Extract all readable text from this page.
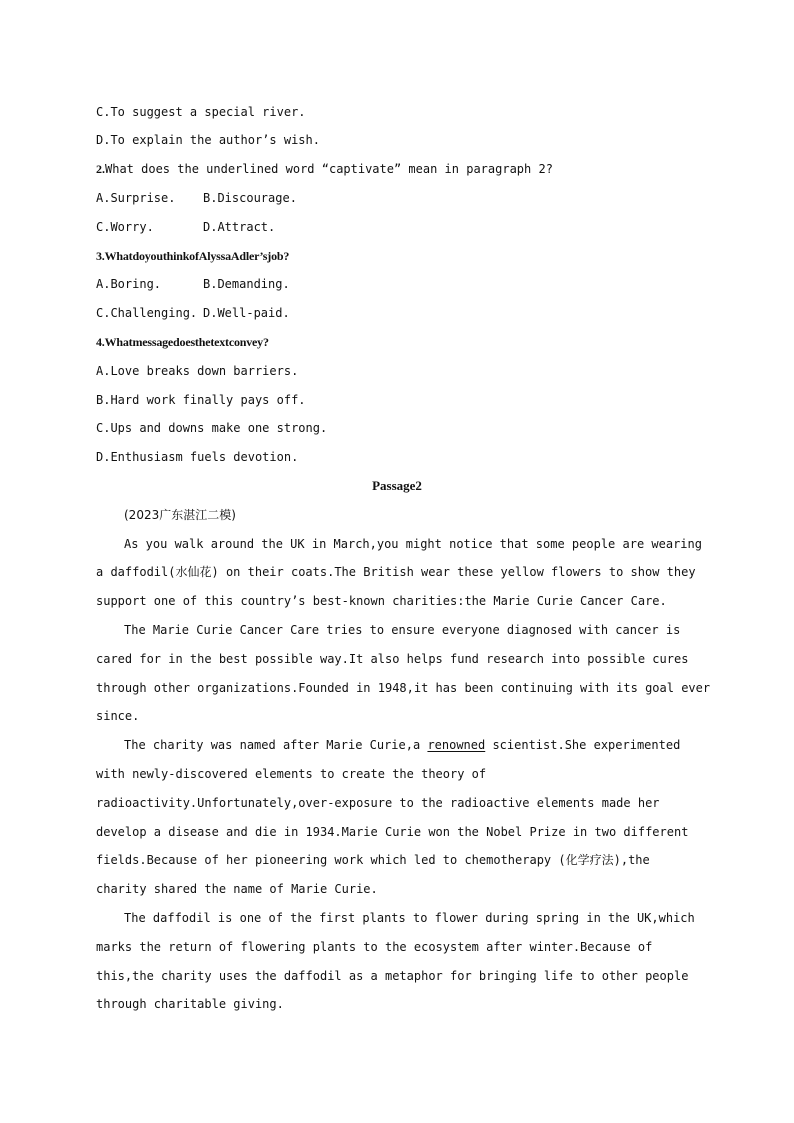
C.To suggest a special river.
D.To explain the author’s wish.
2.What does the underlined word “captivate” mean in paragraph 2?
A.Surprise. B.Discourage.
C.Worry.	D.Attract.
3.WhatdoyouthinkofAlyssaAdler’sjob?
A.Boring.	B.Demanding.
C.Challenging. D.Well-paid.
4.Whatmessagedoesthetextconvey?
A.Love breaks down barriers.
B.Hard work finally pays off.
C.Ups and downs make one strong.
D.Enthusiasm fuels devotion.
Passage2
(2023广东湛江二模)
As you walk around the UK in March,you might notice that some people are wearing
a daffodil(水仙花) on their coats.The British wear these yellow flowers to show they
support one of this country’s best-known charities:the Marie Curie Cancer Care.
The Marie Curie Cancer Care tries to ensure everyone diagnosed with cancer is
cared for in the best possible way.It also helps fund research into possible cures
through other organizations.Founded in 1948,it has been continuing with its goal ever
since.
The charity was named after Marie Curie,a renowned scientist.She experimented
with newly-discovered elements to create the theory of
radioactivity.Unfortunately,over-exposure to the radioactive elements made her
develop a disease and die in 1934.Marie Curie won the Nobel Prize in two different
fields.Because of her pioneering work which led to chemotherapy (化学疗法),the
charity shared the name of Marie Curie.
The daffodil is one of the first plants to flower during spring in the UK,which
marks the return of flowering plants to the ecosystem after winter.Because of
this,the charity uses the daffodil as a metaphor for bringing life to other people
through charitable giving.
